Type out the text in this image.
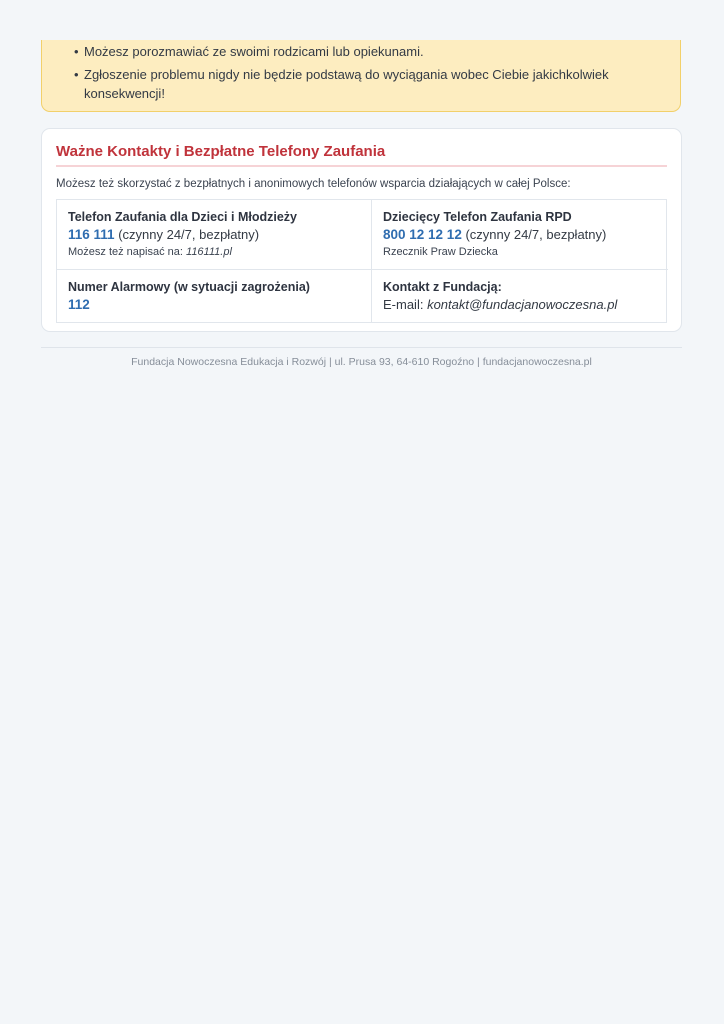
• Możesz porozmawiać ze swoimi rodzicami lub opiekunami.
• Zgłoszenie problemu nigdy nie będzie podstawą do wyciągania wobec Ciebie jakichkolwiek konsekwencji!
Ważne Kontakty i Bezpłatne Telefony Zaufania
Możesz też skorzystać z bezpłatnych i anonimowych telefonów wsparcia działających w całej Polsce:
Telefon Zaufania dla Dzieci i Młodzieży
116 111 (czynny 24/7, bezpłatny)
Możesz też napisać na: 116111.pl
Dziecięcy Telefon Zaufania RPD
800 12 12 12 (czynny 24/7, bezpłatny)
Rzecznik Praw Dziecka
Numer Alarmowy (w sytuacji zagrożenia)
112
Kontakt z Fundacją:
E-mail: kontakt@fundacjanowoczesna.pl
Fundacja Nowoczesna Edukacja i Rozwój | ul. Prusa 93, 64-610 Rogoźno | fundacjanowoczesna.pl
